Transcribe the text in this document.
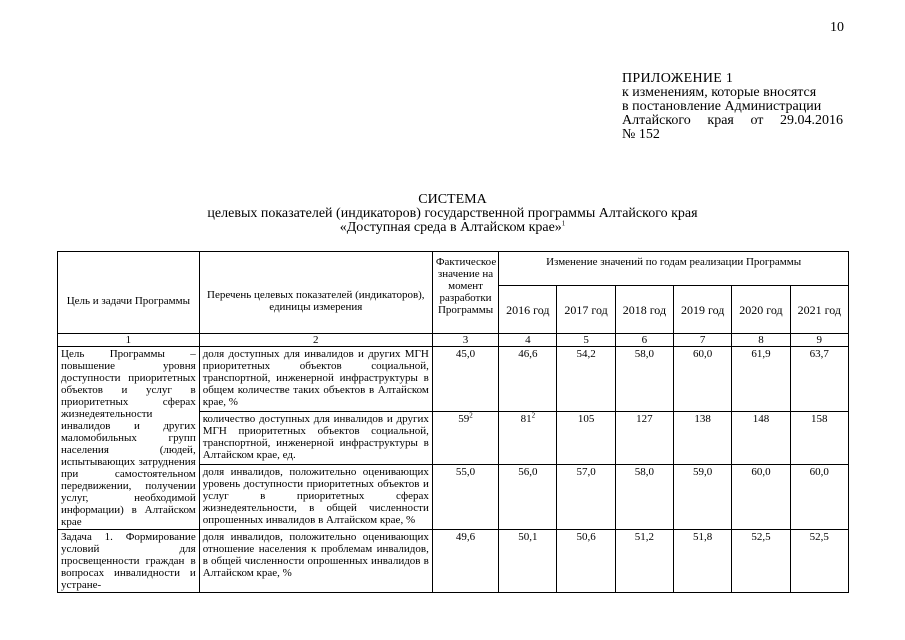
10
ПРИЛОЖЕНИЕ 1
к изменениям, которые вносятся
в постановление Администрации
Алтайского края от 29.04.2016
№ 152
СИСТЕМА
целевых показателей (индикаторов) государственной программы Алтайского края
«Доступная среда в Алтайском крае»$^1$
Цель и задачи Программы	Перечень целевых показателей (индикаторов), единицы измерения	Фактическое значение на момент разработки Программы	Изменение значений по годам реализации Программы					
			2016 год	2017 год	2018 год	2019 год	2020 год	2021 год
1	2	3	4	5	6	7	8	9
Цель Программы – повышение уровня доступности приоритетных объектов и услуг в приоритетных сферах жизнедеятельности инвалидов и других маломобильных групп населения (людей, испытывающих затруднения при самостоятельном передвижении, получении услуг, необходимой информации) в Алтайском крае	доля доступных для инвалидов и других МГН приоритетных объектов социальной, транспортной, инженерной инфраструктуры в общем количестве таких объектов в Алтайском крае, %	45,0	46,6	54,2	58,0	60,0	61,9	63,7
	количество доступных для инвалидов и других МГН приоритетных объектов социальной, транспортной, инженерной инфраструктуры в Алтайском крае, ед.	$59^2$	$81^2$	105	127	138	148	158
	доля инвалидов, положительно оценивающих уровень доступности приоритетных объектов и услуг в приоритетных сферах жизнедеятельности, в общей численности опрошенных инвалидов в Алтайском крае, %	55,0	56,0	57,0	58,0	59,0	60,0	60,0
Задача 1. Формирование условий для просвещенности граждан в вопросах инвалидности и устране-	доля инвалидов, положительно оценивающих отношение населения к проблемам инвалидов, в общей численности опрошенных инвалидов в Алтайском крае, %	49,6	50,1	50,6	51,2	51,8	52,5	52,5
